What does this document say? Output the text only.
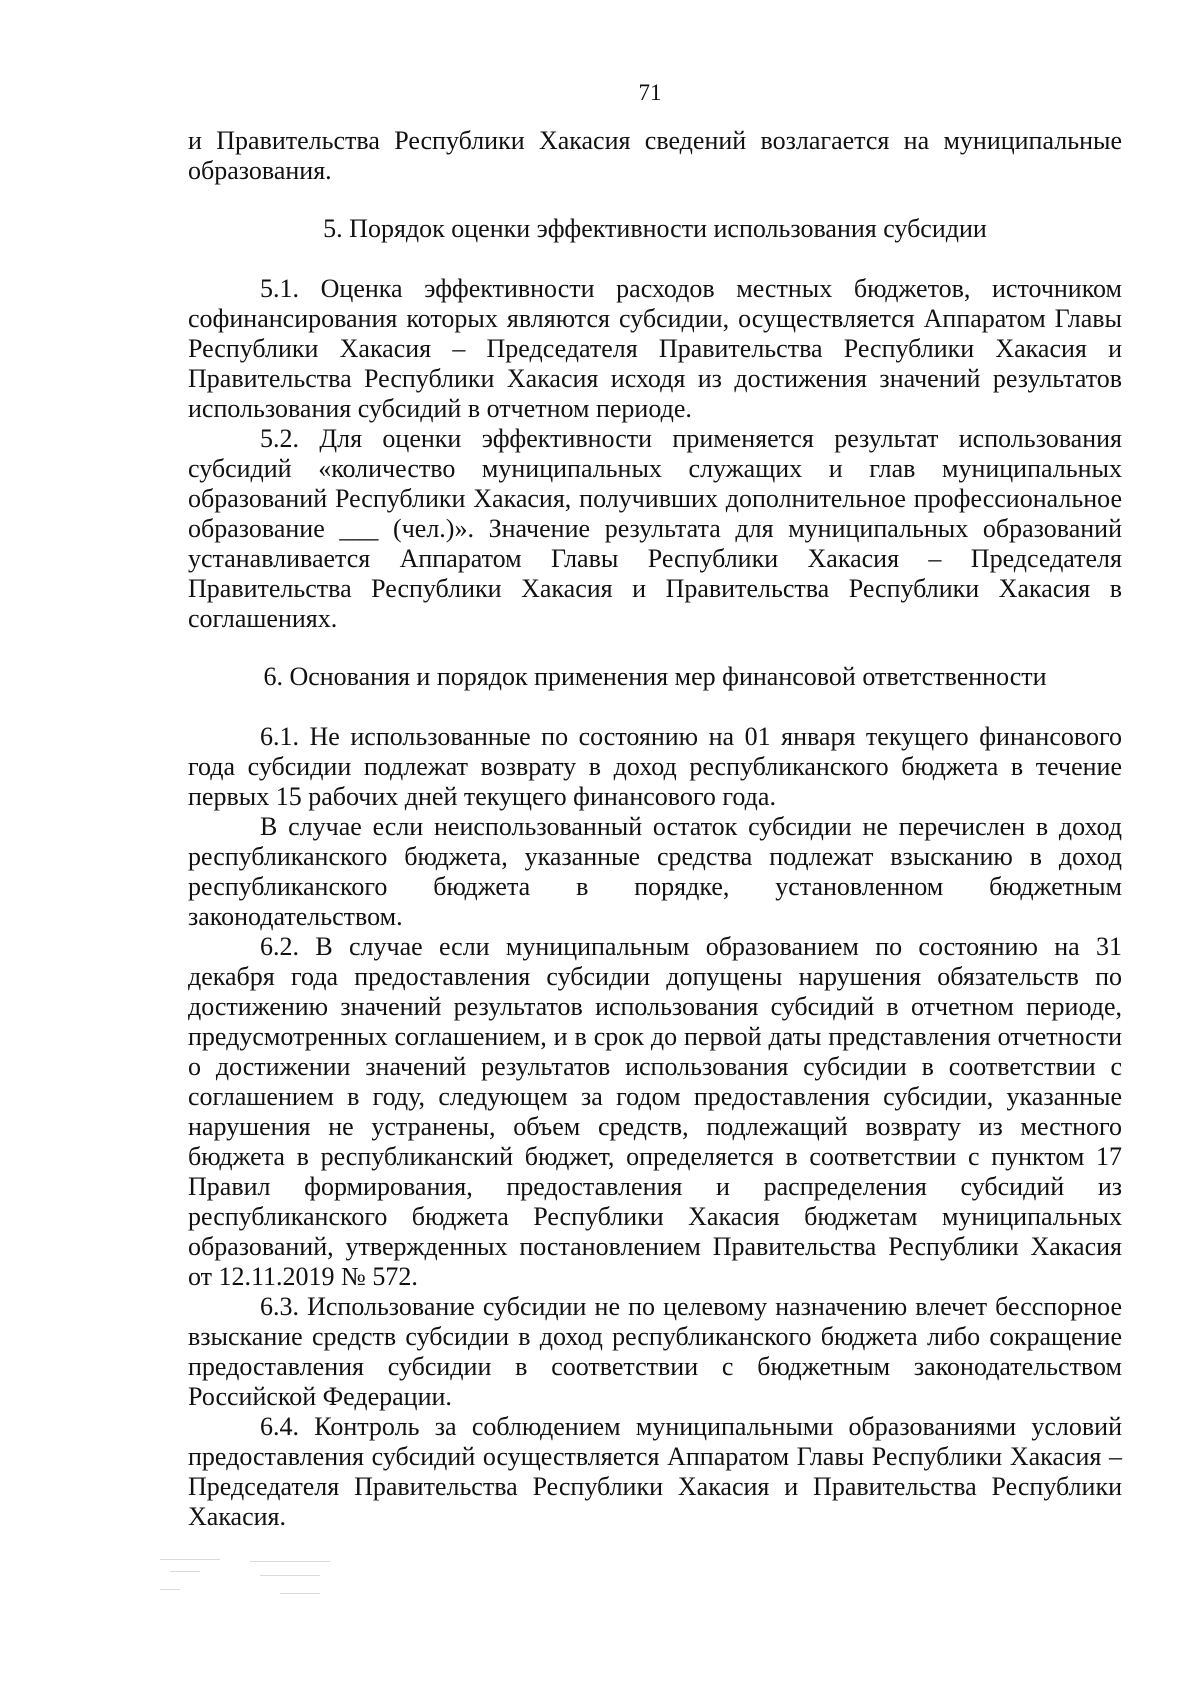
71

и Правительства Республики Хакасия сведений возлагается на муниципальные образования.

5. Порядок оценки эффективности использования субсидии

5.1. Оценка эффективности расходов местных бюджетов, источником софинансирования которых являются субсидии, осуществляется Аппаратом Главы Республики Хакасия – Председателя Правительства Республики Хакасия и Правительства Республики Хакасия исходя из достижения значений результатов использования субсидий в отчетном периоде.

5.2. Для оценки эффективности применяется результат использования субсидий «количество муниципальных служащих и глав муниципальных образований Республики Хакасия, получивших дополнительное профессиональное образование ___ (чел.)». Значение результата для муниципальных образований устанавливается Аппаратом Главы Республики Хакасия – Председателя Правительства Республики Хакасия и Правительства Республики Хакасия в соглашениях.

6. Основания и порядок применения мер финансовой ответственности

6.1. Не использованные по состоянию на 01 января текущего финансового года субсидии подлежат возврату в доход республиканского бюджета в течение первых 15 рабочих дней текущего финансового года.

В случае если неиспользованный остаток субсидии не перечислен в доход республиканского бюджета, указанные средства подлежат взысканию в доход республиканского бюджета в порядке, установленном бюджетным законодательством.

6.2. В случае если муниципальным образованием по состоянию на 31 декабря года предоставления субсидии допущены нарушения обязательств по достижению значений результатов использования субсидий в отчетном периоде, предусмотренных соглашением, и в срок до первой даты представления отчетности о достижении значений результатов использования субсидии в соответствии с соглашением в году, следующем за годом предоставления субсидии, указанные нарушения не устранены, объем средств, подлежащий возврату из местного бюджета в республиканский бюджет, определяется в соответствии с пунктом 17 Правил формирования, предоставления и распределения субсидий из республиканского бюджета Республики Хакасия бюджетам муниципальных образований, утвержденных постановлением Правительства Республики Хакасия от 12.11.2019 № 572.

6.3. Использование субсидии не по целевому назначению влечет бесспорное взыскание средств субсидии в доход республиканского бюджета либо сокращение предоставления субсидии в соответствии с бюджетным законодательством Российской Федерации.

6.4. Контроль за соблюдением муниципальными образованиями условий предоставления субсидий осуществляется Аппаратом Главы Республики Хакасия – Председателя Правительства Республики Хакасия и Правительства Республики Хакасия.
